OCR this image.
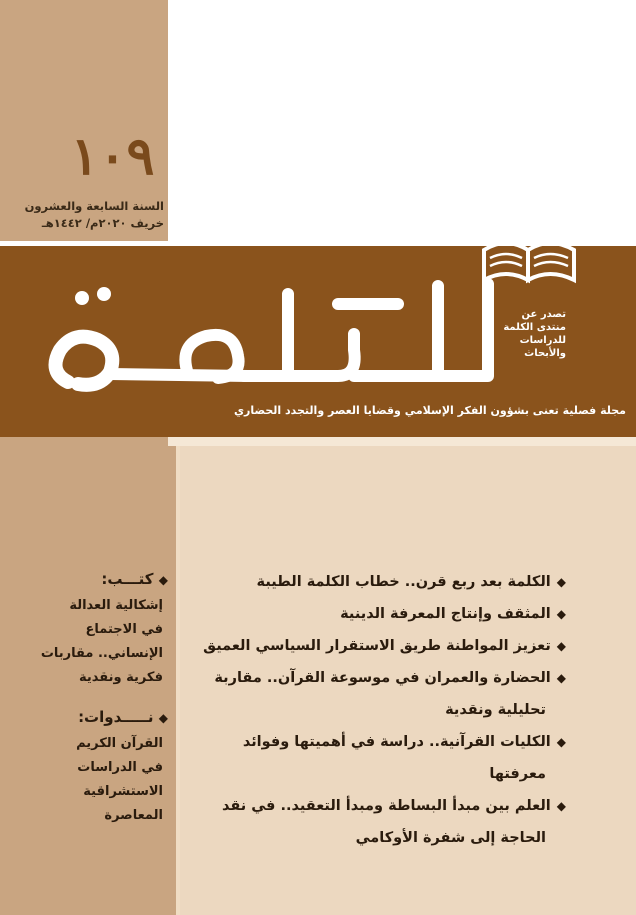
١٠٩
السنة السابعة والعشرون
خريف ٢٠٢٠م/ ١٤٤٢هـ
تصدر عن
منتدى الكلمة
للدراسات
والأبحاث
مجلة فصلية تعنى بشؤون الفكر الإسلامي وقضايا العصر والتجدد الحضاري
◆ كتـــب:
إشكالية العدالة
في الاجتماع
الإنساني.. مقاربات
فكرية ونقدية
◆ نـــــدوات:
القرآن الكريم
في الدراسات
الاستشراقية
المعاصرة
◆الكلمة بعد ربع قرن.. خطاب الكلمة الطيبة
◆المثقف وإنتاج المعرفة الدينية
◆تعزيز المواطنة طريق الاستقرار السياسي العميق
◆الحضارة والعمران في موسوعة القرآن.. مقاربة
تحليلية ونقدية
◆الكليات القرآنية.. دراسة في أهميتها وفوائد
معرفتها
◆العلم بين مبدأ البساطة ومبدأ التعقيد.. في نقد
الحاجة إلى شفرة الأوكامي
